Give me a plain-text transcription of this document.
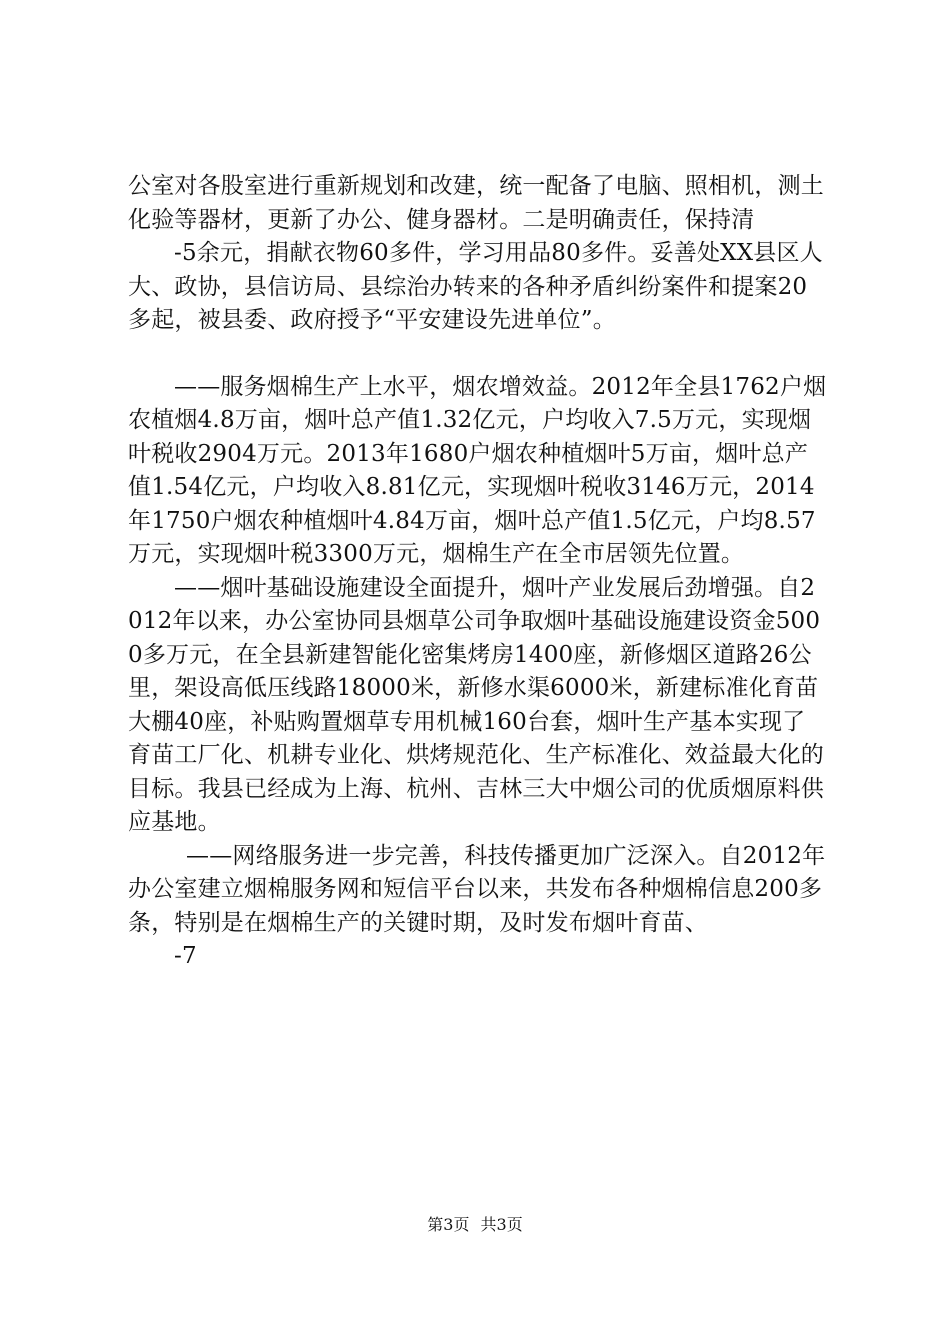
公室对各股室进行重新规划和改建，统一配备了电脑、照相机，测土化验等器材，更新了办公、健身器材。二是明确责任，保持清

-5余元，捐献衣物60多件，学习用品80多件。妥善处XX县区人大、政协，县信访局、县综治办转来的各种矛盾纠纷案件和提案20多起，被县委、政府授予“平安建设先进单位”。

——服务烟棉生产上水平，烟农增效益。2012年全县1762户烟农植烟4.8万亩，烟叶总产值1.32亿元，户均收入7.5万元，实现烟叶税收2904万元。2013年1680户烟农种植烟叶5万亩，烟叶总产值1.54亿元，户均收入8.81亿元，实现烟叶税收3146万元，2014年1750户烟农种植烟叶4.84万亩，烟叶总产值1.5亿元，户均8.57万元，实现烟叶税3300万元，烟棉生产在全市居领先位置。

——烟叶基础设施建设全面提升，烟叶产业发展后劲增强。自2012年以来，办公室协同县烟草公司争取烟叶基础设施建设资金5000多万元，在全县新建智能化密集烤房1400座，新修烟区道路26公里，架设高低压线路18000米，新修水渠6000米，新建标准化育苗大棚40座，补贴购置烟草专用机械160台套，烟叶生产基本实现了育苗工厂化、机耕专业化、烘烤规范化、生产标准化、效益最大化的目标。我县已经成为上海、杭州、吉林三大中烟公司的优质烟原料供应基地。

——网络服务进一步完善，科技传播更加广泛深入。自2012年办公室建立烟棉服务网和短信平台以来，共发布各种烟棉信息200多条，特别是在烟棉生产的关键时期，及时发布烟叶育苗、

-7

第3页 共3页
